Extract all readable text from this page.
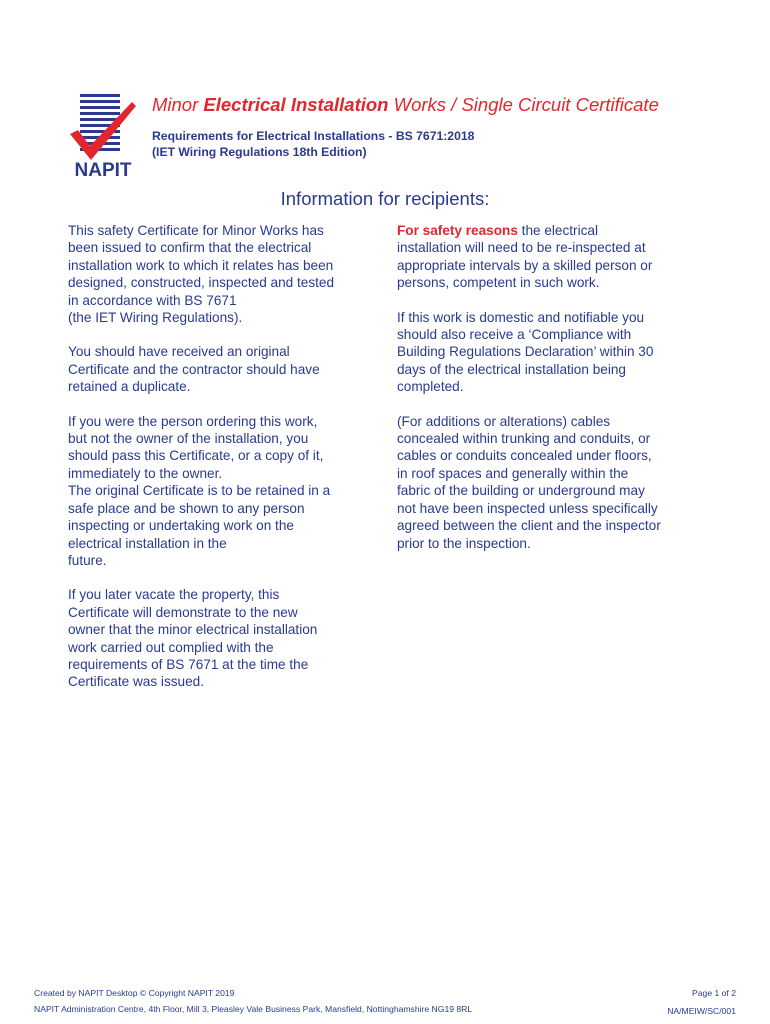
NAPIT
Minor Electrical Installation Works / Single Circuit Certificate
Requirements for Electrical Installations - BS 7671:2018
(IET Wiring Regulations 18th Edition)
Information for recipients:

This safety Certificate for Minor Works has
been issued to confirm that the electrical
installation work to which it relates has been
designed, constructed, inspected and tested
in accordance with BS 7671
(the IET Wiring Regulations).

You should have received an original
Certificate and the contractor should have
retained a duplicate.

If you were the person ordering this work,
but not the owner of the installation, you
should pass this Certificate, or a copy of it,
immediately to the owner.
The original Certificate is to be retained in a
safe place and be shown to any person
inspecting or undertaking work on the
electrical installation in the
future.

If you later vacate the property, this
Certificate will demonstrate to the new
owner that the minor electrical installation
work carried out complied with the
requirements of BS 7671 at the time the
Certificate was issued.

For safety reasons the electrical
installation will need to be re-inspected at
appropriate intervals by a skilled person or
persons, competent in such work.

If this work is domestic and notifiable you
should also receive a ‘Compliance with
Building Regulations Declaration’ within 30
days of the electrical installation being
completed.

(For additions or alterations) cables
concealed within trunking and conduits, or
cables or conduits concealed under floors,
in roof spaces and generally within the
fabric of the building or underground may
not have been inspected unless specifically
agreed between the client and the inspector
prior to the inspection.

Created by NAPIT Desktop © Copyright NAPIT 2019
NAPIT Administration Centre, 4th Floor, Mill 3, Pleasley Vale Business Park, Mansfield, Nottinghamshire NG19 8RL
Page 1 of 2
NA/MEIW/SC/001
